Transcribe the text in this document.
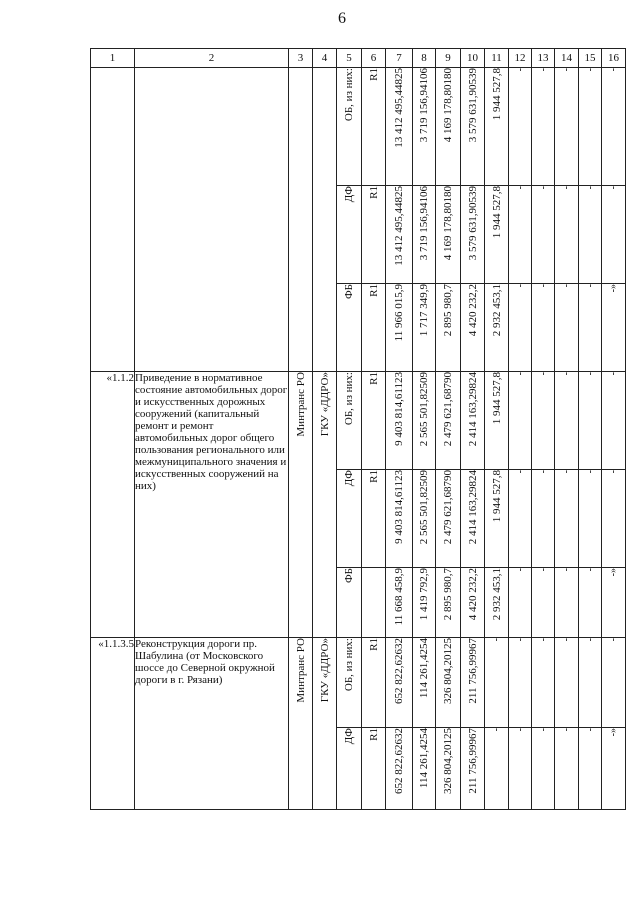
6
1	2	3	4	5	6	7	8	9	10	11	12	13	14	15	16

				ОБ, из них:	R1	13 412 495,44825	3 719 156,94106	4 169 178,80180	3 579 631,90539	1 944 527,8	-	-	-	-	-

				ДФ	R1	13 412 495,44825	3 719 156,94106	4 169 178,80180	3 579 631,90539	1 944 527,8	-	-	-	-	-

				ФБ	R1	11 966 015,9	1 717 349,9	2 895 980,7	4 420 232,2	2 932 453,1	-	-	-	-	-»

«1.1.2	Приведение в нормативное состояние автомобильных дорог и искусственных дорожных сооружений (капитальный ремонт и ремонт автомобильных дорог общего пользования регионального или межмуниципального значения и искусственных сооружений на них)	Минтранс РО	ГКУ «ДДРО»	ОБ, из них:	R1	9 403 814,61123	2 565 501,82509	2 479 621,68790	2 414 163,29824	1 944 527,8	-	-	-	-	-

				ДФ	R1	9 403 814,61123	2 565 501,82509	2 479 621,68790	2 414 163,29824	1 944 527,8	-	-	-	-	-

				ФБ		11 668 458,9	1 419 792,9	2 895 980,7	4 420 232,2	2 932 453,1	-	-	-	-	-»

«1.1.3.5	Реконструкция дороги пр. Шабулина (от Московского шоссе до Северной окружной дороги в г. Рязани)	Минтранс РО	ГКУ «ДДРО»	ОБ, из них:	R1	652 822,62632	114 261,4254	326 804,20125	211 756,99967	-	-	-	-	-	-

				ДФ	R1	652 822,62632	114 261,4254	326 804,20125	211 756,99967	-	-	-	-	-	-»
